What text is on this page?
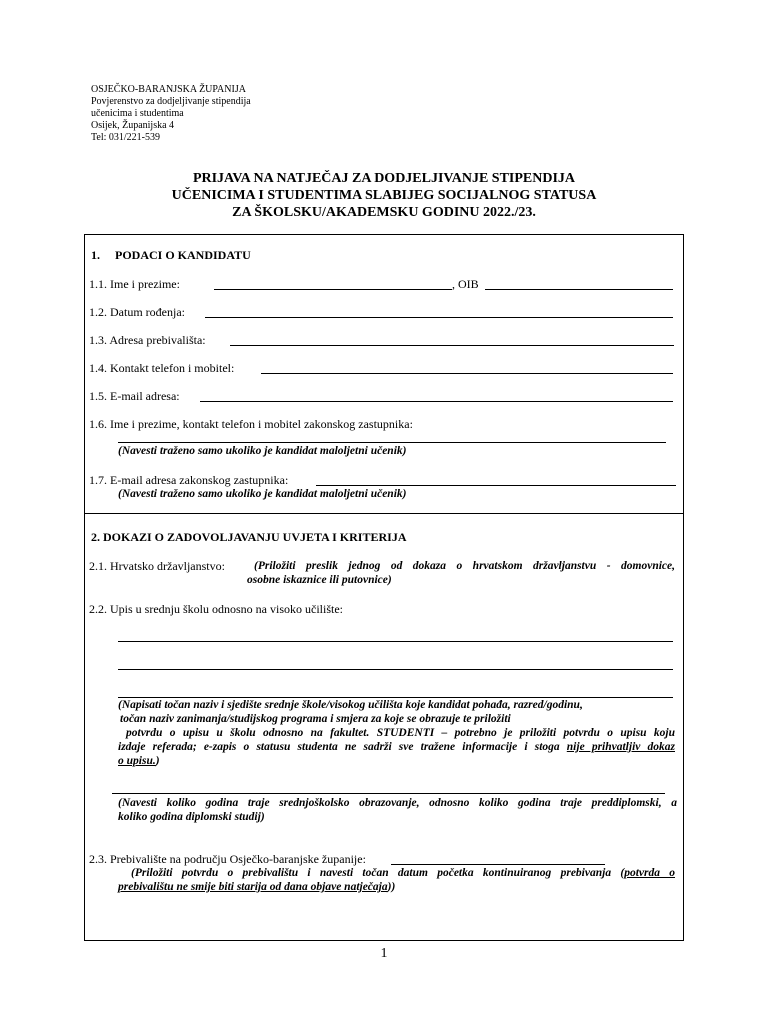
OSJEČKO-BARANJSKA ŽUPANIJA
Povjerenstvo za dodjeljivanje stipendija
učenicima i studentima
Osijek, Županijska 4
Tel: 031/221-539
PRIJAVA NA NATJEČAJ ZA DODJELJIVANJE STIPENDIJA
UČENICIMA I STUDENTIMA SLABIJEG SOCIJALNOG STATUSA
ZA ŠKOLSKU/AKADEMSKU GODINU 2022./23.
1.     PODACI O KANDIDATU
1.1. Ime i prezime:	, OIB
1.2. Datum rođenja:
1.3. Adresa prebivališta:
1.4. Kontakt telefon i mobitel:
1.5. E-mail adresa:
1.6. Ime i prezime, kontakt telefon i mobitel zakonskog zastupnika:
(Navesti traženo samo ukoliko je kandidat maloljetni učenik)
1.7. E-mail adresa zakonskog zastupnika:
(Navesti traženo samo ukoliko je kandidat maloljetni učenik)
2. DOKAZI O ZADOVOLJAVANJU UVJETA I KRITERIJA
2.1. Hrvatsko državljanstvo:	(Priložiti preslik jednog od dokaza o hrvatskom državljanstvu - domovnice,
osobne iskaznice ili putovnice)
2.2. Upis u srednju školu odnosno na visoko učilište:
(Napisati točan naziv i sjedište srednje škole/visokog učilišta koje kandidat pohađa, razred/godinu,
točan naziv zanimanja/studijskog programa i smjera za koje se obrazuje te priložiti
potvrdu o upisu u školu odnosno na fakultet. STUDENTI – potrebno je priložiti potvrdu o upisu koju
izdaje referada; e-zapis o statusu studenta ne sadrži sve tražene informacije i stoga nije prihvatljiv dokaz
o upisu.)
(Navesti koliko godina traje srednjoškolsko obrazovanje, odnosno koliko godina traje preddiplomski, a
koliko godina diplomski studij)
2.3. Prebivalište na području Osječko-baranjske županije:
(Priložiti potvrdu o prebivalištu i navesti točan datum početka kontinuiranog prebivanja (potvrda o
prebivalištu ne smije biti starija od dana objave natječaja))
1
